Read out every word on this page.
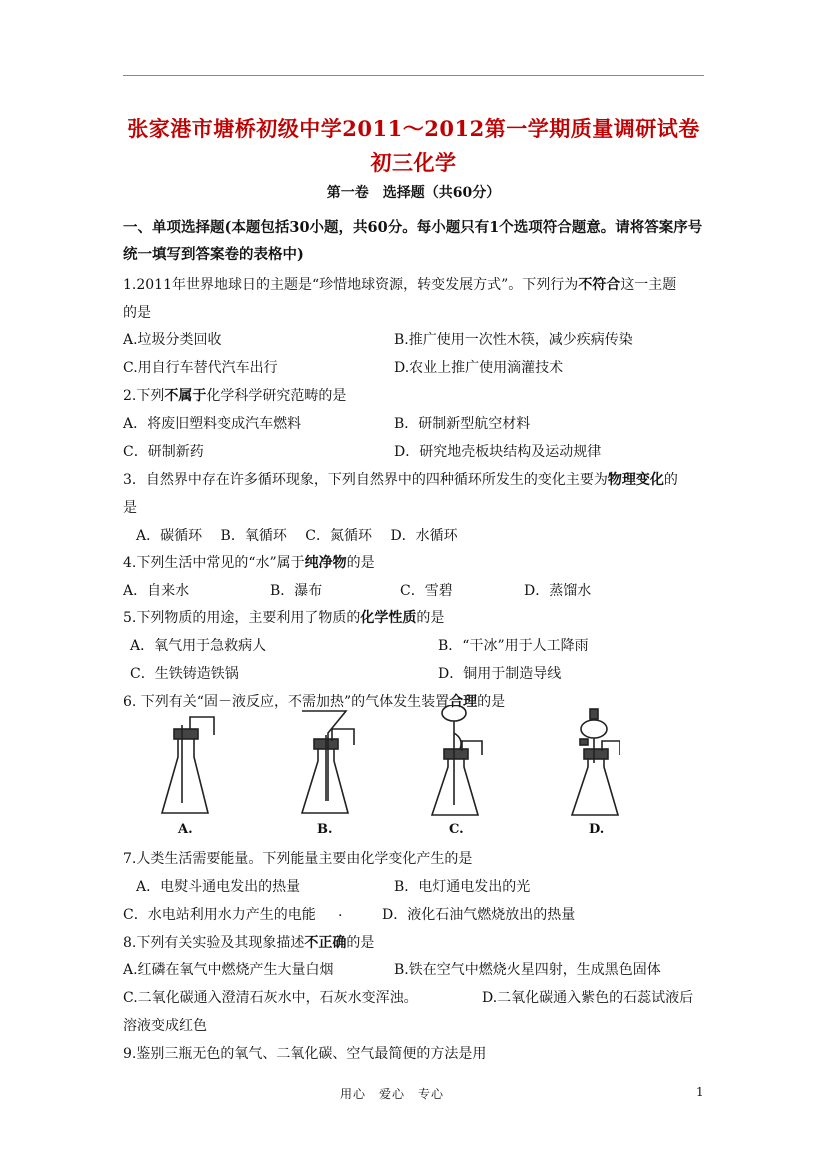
张家港市塘桥初级中学2011～2012第一学期质量调研试卷初三化学
第一卷　选择题（共60分）
一、单项选择题(本题包括30小题，共60分。每小题只有1个选项符合题意。请将答案序号统一填写到答案卷的表格中)
1.2011年世界地球日的主题是“珍惜地球资源，转变发展方式”。下列行为不符合这一主题
的是
A.垃圾分类回收	B.推广使用一次性木筷，减少疾病传染
C.用自行车替代汽车出行	D.农业上推广使用滴灌技术
2.下列不属于化学科学研究范畴的是
A．将废旧塑料变成汽车燃料	B．研制新型航空材料
C．研制新药	D．研究地壳板块结构及运动规律
3．自然界中存在许多循环现象，下列自然界中的四种循环所发生的变化主要为物理变化的
是
A．碳循环　 B．氧循环　 C．氮循环　 D．水循环
4.下列生活中常见的“水”属于纯净物的是
A．自来水	B．瀑布	C．雪碧	D．蒸馏水
5.下列物质的用途，主要利用了物质的化学性质的是
A．氧气用于急救病人	B．“干冰”用于人工降雨
C．生铁铸造铁锅	D．铜用于制造导线
6. 下列有关“固－液反应，不需加热”的气体发生装置合理的是
A.	B.	C.	D.
7.人类生活需要能量。下列能量主要由化学变化产生的是
A．电熨斗通电发出的热量	B．电灯通电发出的光
C．水电站利用水力产生的电能 .	D．液化石油气燃烧放出的热量
8.下列有关实验及其现象描述不正确的是
A.红磷在氧气中燃烧产生大量白烟	B.铁在空气中燃烧火星四射，生成黑色固体
C.二氧化碳通入澄清石灰水中，石灰水变浑浊。	D.二氧化碳通入紫色的石蕊试液后
溶液变成红色
9.鉴别三瓶无色的氧气、二氧化碳、空气最简便的方法是用
用心　爱心　专心	1
